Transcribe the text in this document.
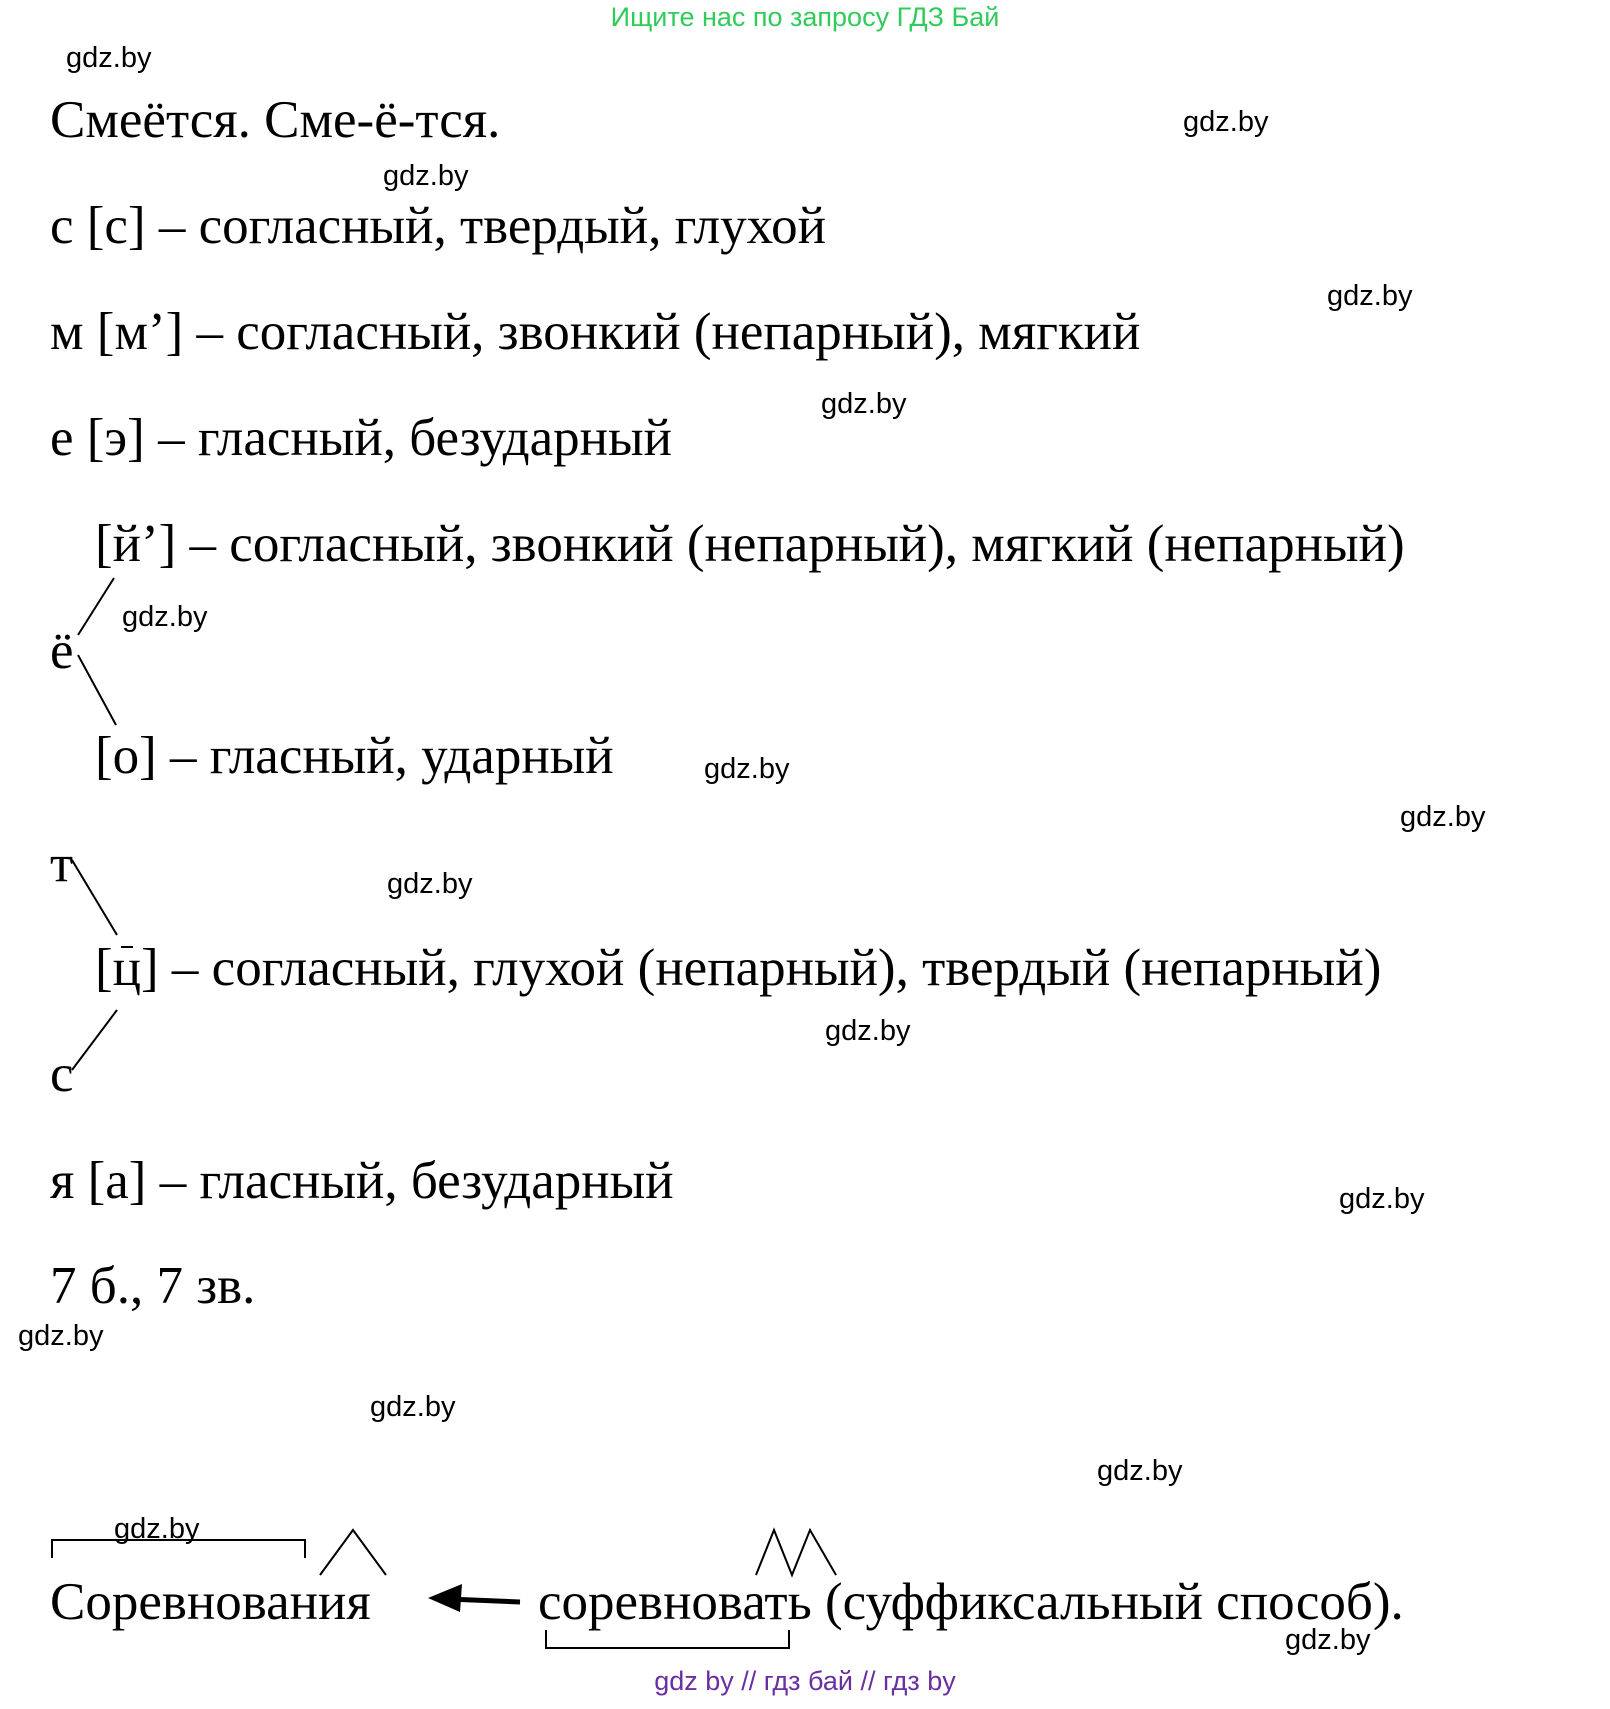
Ищите нас по запросу ГДЗ Бай
gdz.by
gdz.by
gdz.by
gdz.by
gdz.by
gdz.by
gdz.by
gdz.by
gdz.by
gdz.by
gdz.by
gdz.by
gdz.by
gdz.by
gdz.by
gdz.by
Смеётся. Сме-ё-тся.
с [с] – согласный, твердый, глухой
м [м’] – согласный, звонкий (непарный), мягкий
е [э] – гласный, безударный
[й’] – согласный, звонкий (непарный), мягкий (непарный)
ё
[о] – гласный, ударный
т
[ц
] – согласный, глухой (непарный), твердый (непарный)
с
я [а] – гласный, безударный
7 б., 7 зв.
Соревнования	соревновать (суффиксальный способ).
gdz by // гдз бай // гдз by
